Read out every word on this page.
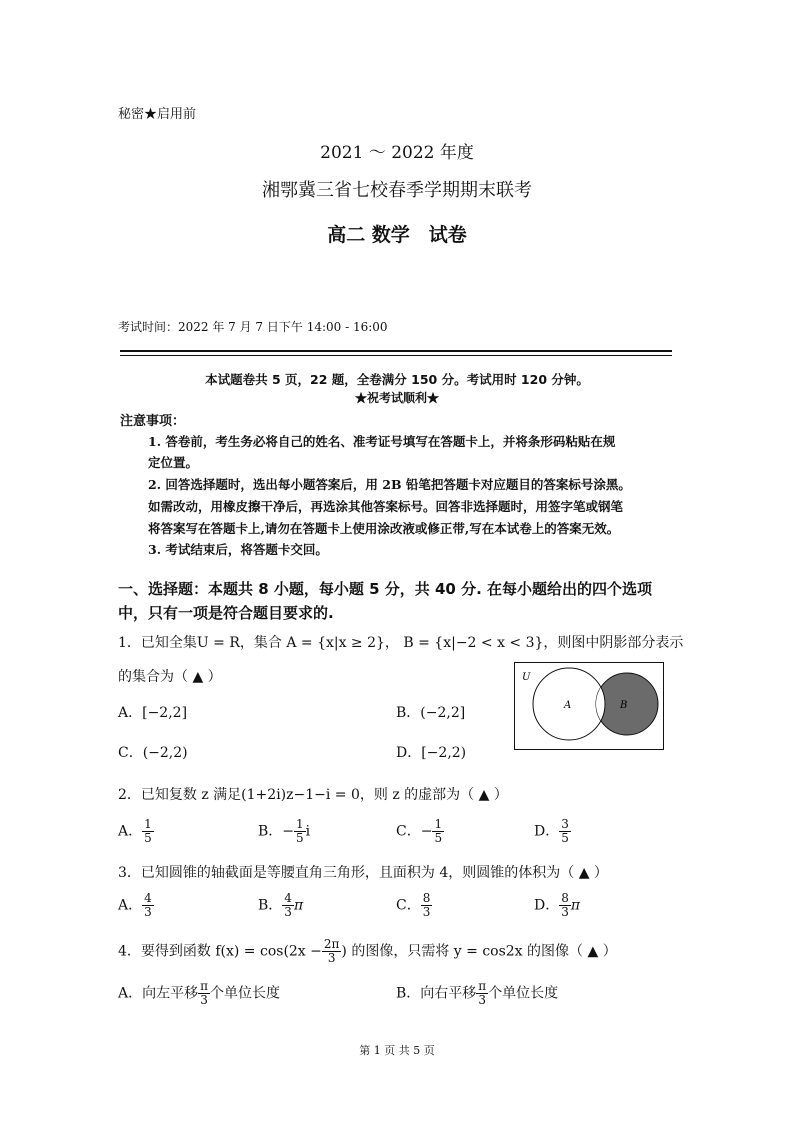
秘密★启用前
2021 ～ 2022 年度
湘鄂冀三省七校春季学期期末联考
高二 数学　试卷
考试时间：2022 年 7 月 7 日下午 14:00 - 16:00
本试题卷共 5 页，22 题，全卷满分 150 分。考试用时 120 分钟。
★祝考试顺利★
注意事项：
1. 答卷前，考生务必将自己的姓名、准考证号填写在答题卡上，并将条形码粘贴在规
定位置。
2. 回答选择题时，选出每小题答案后，用 2B 铅笔把答题卡对应题目的答案标号涂黑。
如需改动，用橡皮擦干净后，再选涂其他答案标号。回答非选择题时，用签字笔或钢笔
将答案写在答题卡上,请勿在答题卡上使用涂改液或修正带,写在本试卷上的答案无效。
3. 考试结束后，将答题卡交回。
一、选择题：本题共 8 小题，每小题 5 分，共 40 分. 在每小题给出的四个选项
中，只有一项是符合题目要求的.
1．已知全集U = R，集合 A = {x|x ≥ 2}， B = {x|−2 < x < 3}，则图中阴影部分表示
的集合为（ ▲ ）
A．[−2,2]	B．(−2,2]
C．(−2,2)	D．[−2,2)
U
A	B
2．已知复数 z 满足(1+2i)z−1−i = 0，则 z 的虚部为（ ▲ ）
A． $\frac{1}{5}$	B．− $\frac{1}{5}$ i	C．− $\frac{1}{5}$	D． $\frac{3}{5}$
3．已知圆锥的轴截面是等腰直角三角形，且面积为 4，则圆锥的体积为（ ▲ ）
A． $\frac{4}{3}$	B． $\frac{4}{3}$ π	C． $\frac{8}{3}$	D． $\frac{8}{3}$ π
4．要得到函数 $f(x) = \cos(2x - \frac{2\pi}{3}$ ) 的图像，只需将 y = cos2x 的图像（ ▲ ）
A．向左平移 $\frac{\pi}{3}$ 个单位长度	B．向右平移 $\frac{\pi}{3}$ 个单位长度
第 1 页 共 5 页
